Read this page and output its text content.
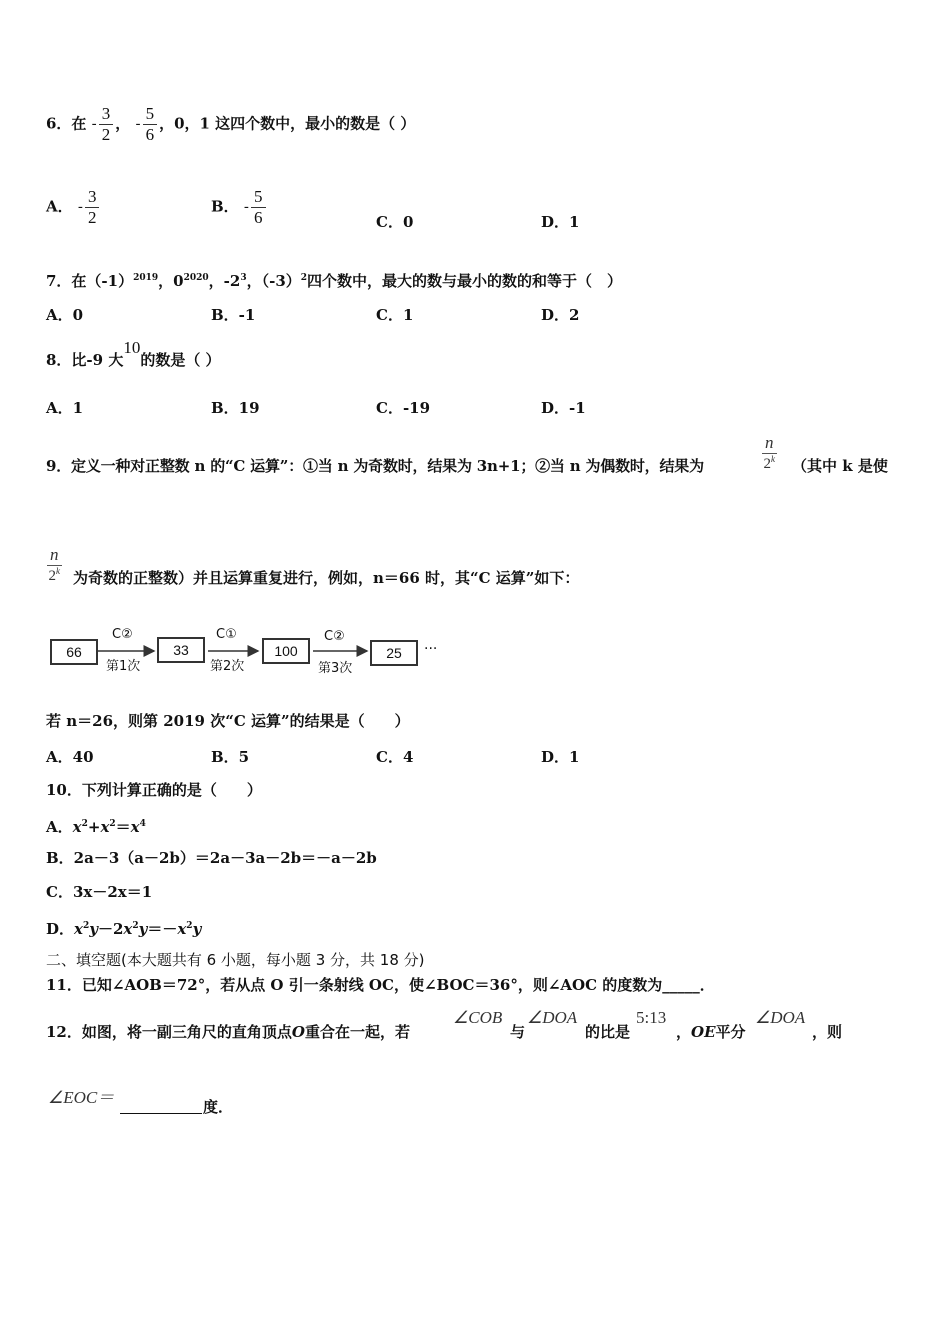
6．在 - $\frac{3}{2}$ ， - $\frac{5}{6}$ ，0，1 这四个数中，最小的数是（ ）
A． - $\frac{3}{2}$	B． - $\frac{5}{6}$	C．0	D．1
7．在$(-1)^{2019}$，$0^{2020}$，$-2^3$，$(-3)^2$四个数中，最大的数与最小的数的和等于（　）
A．0	B．-1	C．1	D．2
8．比-9 大10的数是（ ）
A．1	B．19	C．-19	D．-1
9．定义一种对正整数 n 的“C 运算”：①当 n 为奇数时，结果为 3n+1；②当 n 为偶数时，结果为
n
2$^k$ （其中 k 是使
n
2$^k$ 为奇数的正整数）并且运算重复进行，例如，n＝66 时，其“C 运算”如下：
66	33	100	25
C②	C①	C②
第1次	第2次	第3次
···
若 n＝26，则第 2019 次“C 运算”的结果是（　　）
A．40	B．5	C．4	D．1
10．下列计算正确的是（　　）
A．$x^2+x^2=x^4$
B．2a－3（a－2b）＝2a－3a－2b＝－a－2b
C．3x－2x＝1
D．$x^2y-2x^2y=-x^2y$
二、填空题(本大题共有 6 小题，每小题 3 分，共 18 分)
11．已知∠AOB＝72°，若从点 O 引一条射线 OC，使∠BOC＝36°，则∠AOC 的度数为_____．
12．如图，将一副三角尺的直角顶点O重合在一起，若
∠COB
与
∠DOA
的比是
5:13
，OE平分
∠DOA
，则
∠EOC＝	度．
